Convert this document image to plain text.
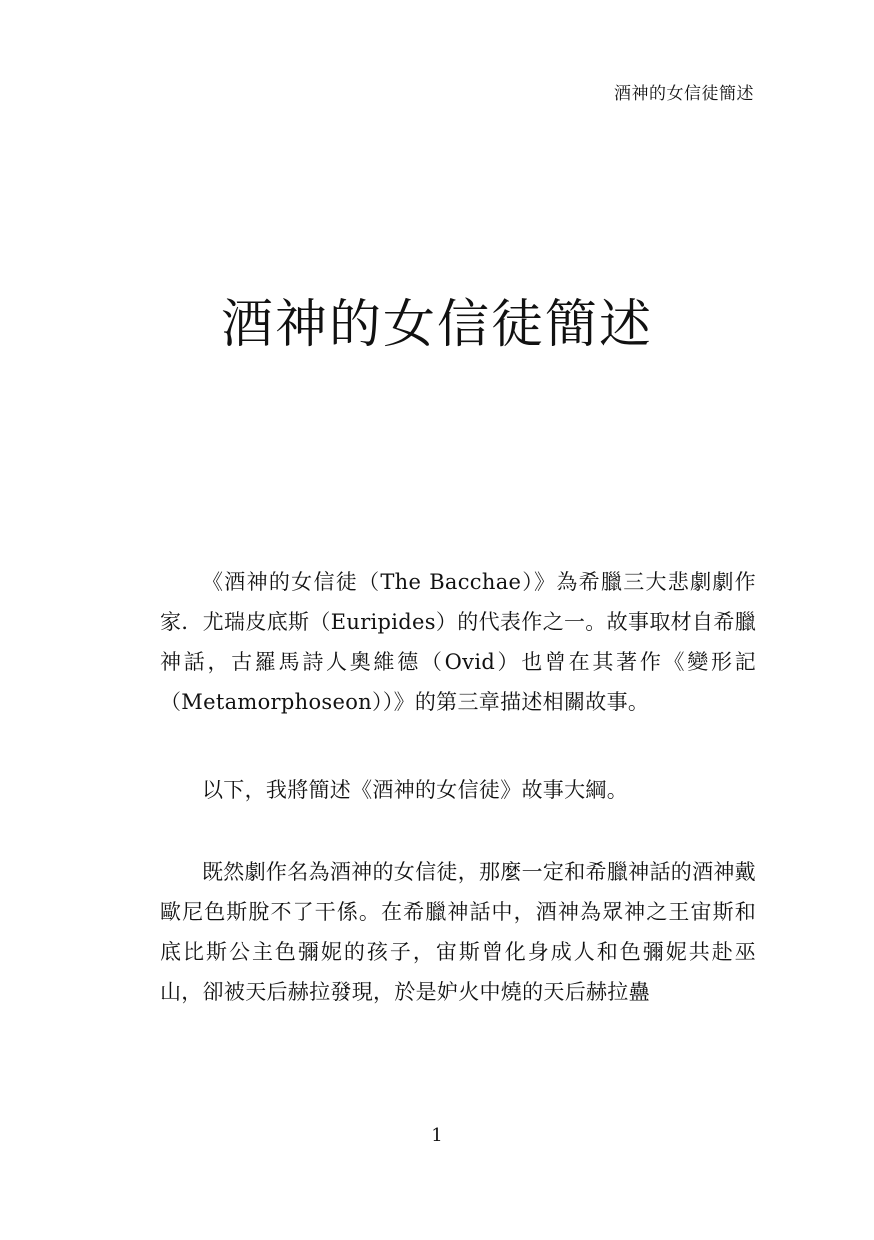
酒神的女信徒簡述
酒神的女信徒簡述

《酒神的女信徒（The Bacchae）》為希臘三大悲劇劇作家．尤瑞皮底斯（Euripides）的代表作之一。故事取材自希臘神話，古羅馬詩人奧維德（Ovid）也曾在其著作《變形記（Metamorphoseon））》的第三章描述相關故事。

以下，我將簡述《酒神的女信徒》故事大綱。

既然劇作名為酒神的女信徒，那麼一定和希臘神話的酒神戴歐尼色斯脫不了干係。在希臘神話中，酒神為眾神之王宙斯和底比斯公主色彌妮的孩子，宙斯曾化身成人和色彌妮共赴巫山，卻被天后赫拉發現，於是妒火中燒的天后赫拉蠱

1
